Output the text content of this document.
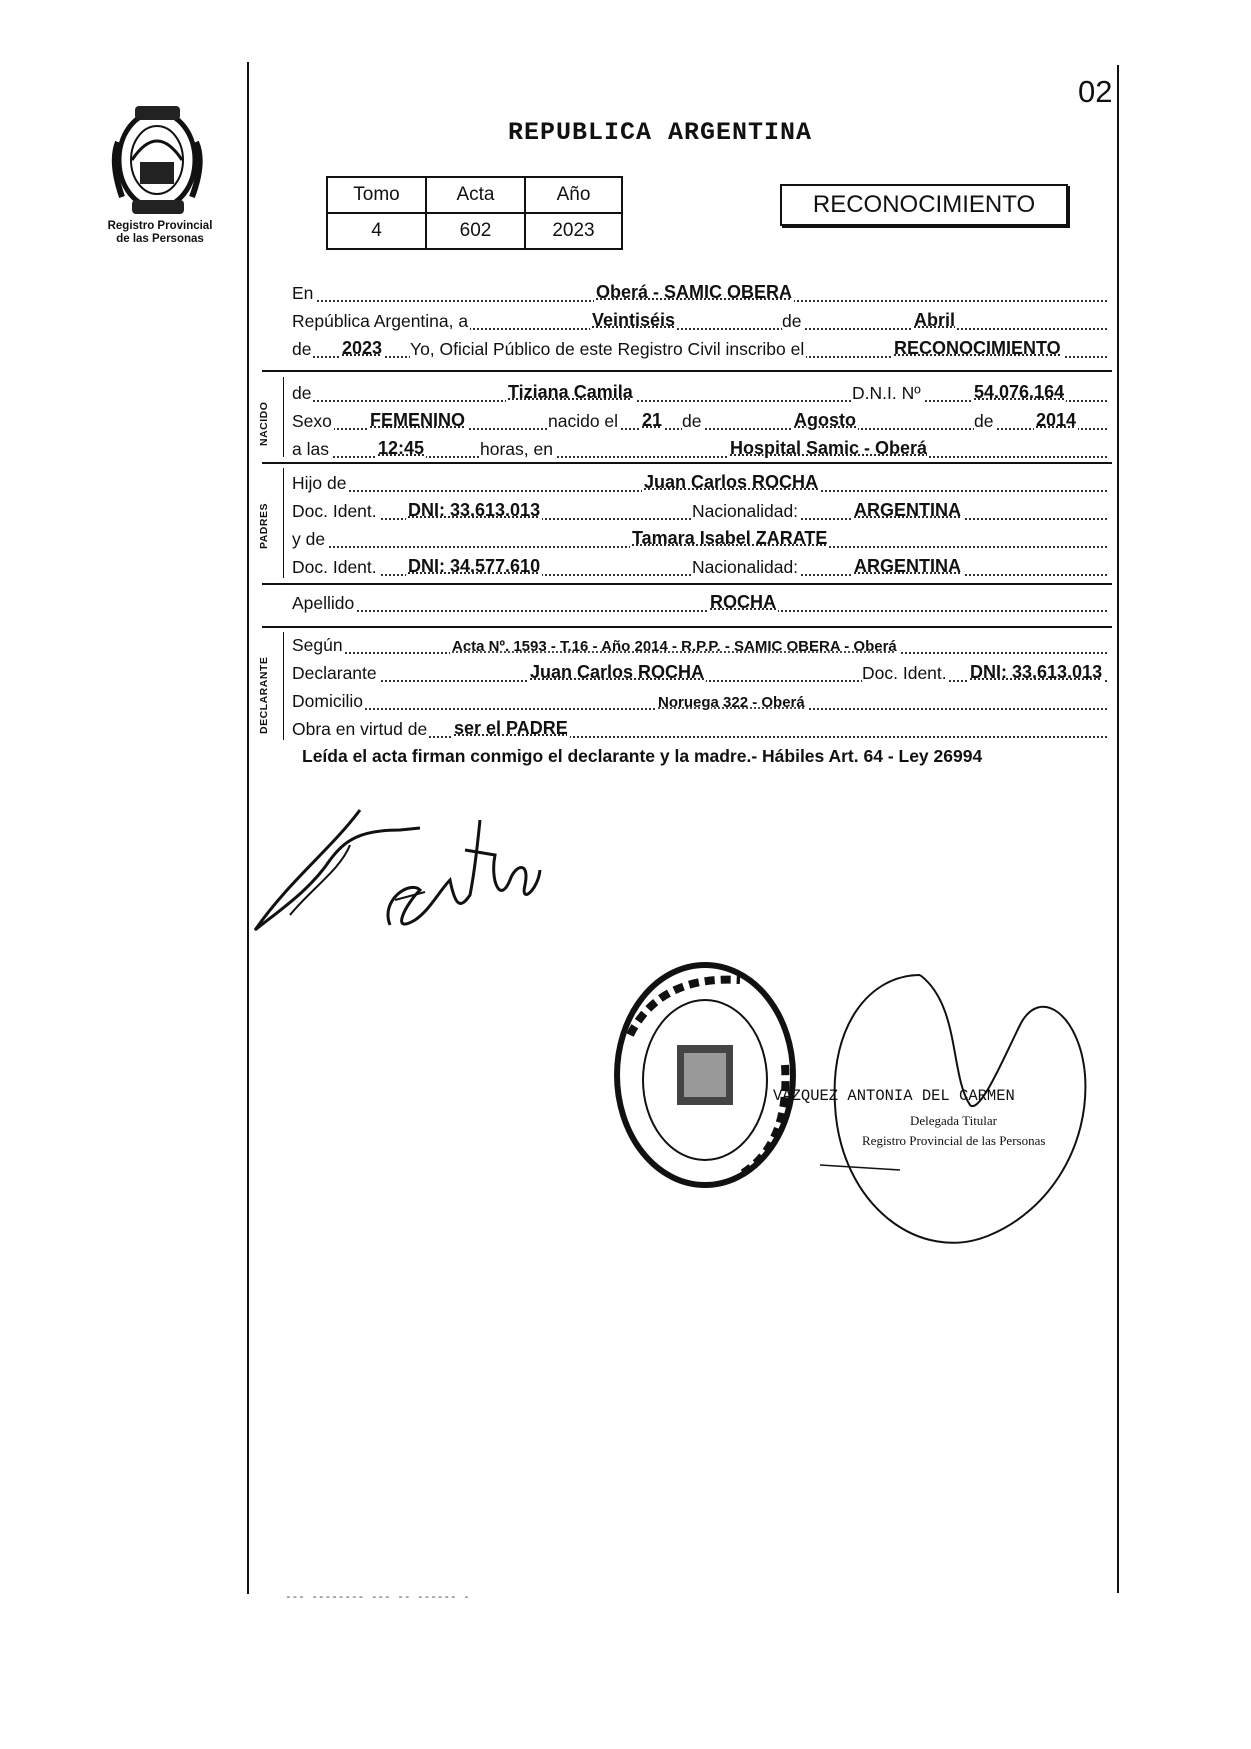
02
Registro Provincial
de las Personas
REPUBLICA ARGENTINA
Tomo	Acta	Año
4	602	2023
RECONOCIMIENTO
En	Oberá - SAMIC OBERA
República Argentina, a	Veintiséis	de	Abril
de 2023 Yo, Oficial Público de este Registro Civil inscribo el	RECONOCIMIENTO
NACIDO
de	Tiziana Camila	D.N.I. Nº	54.076.164
Sexo FEMENINO	nacido el 21 de	Agosto	de 2014
a las	12:45	horas, en	Hospital Samic - Oberá
PADRES
Hijo de	Juan Carlos ROCHA
Doc. Ident. DNI: 33.613.013	Nacionalidad:	ARGENTINA
y de	Tamara Isabel ZARATE
Doc. Ident. DNI: 34.577.610	Nacionalidad:	ARGENTINA
Apellido	ROCHA
DECLARANTE
Según	Acta Nº. 1593 - T.16 - Año 2014 - R.P.P. - SAMIC OBERA - Oberá
Declarante	Juan Carlos ROCHA	Doc. Ident. DNI: 33.613.013
Domicilio	Noruega 322 - Oberá
Obra en virtud de ser el PADRE
Leída el acta firman conmigo el declarante y la madre.- Hábiles Art. 64 - Ley 26994
VÁZQUEZ ANTONIA DEL CARMEN
Delegada Titular
Registro Provincial de las Personas
--- -------- --- -- ------ -
